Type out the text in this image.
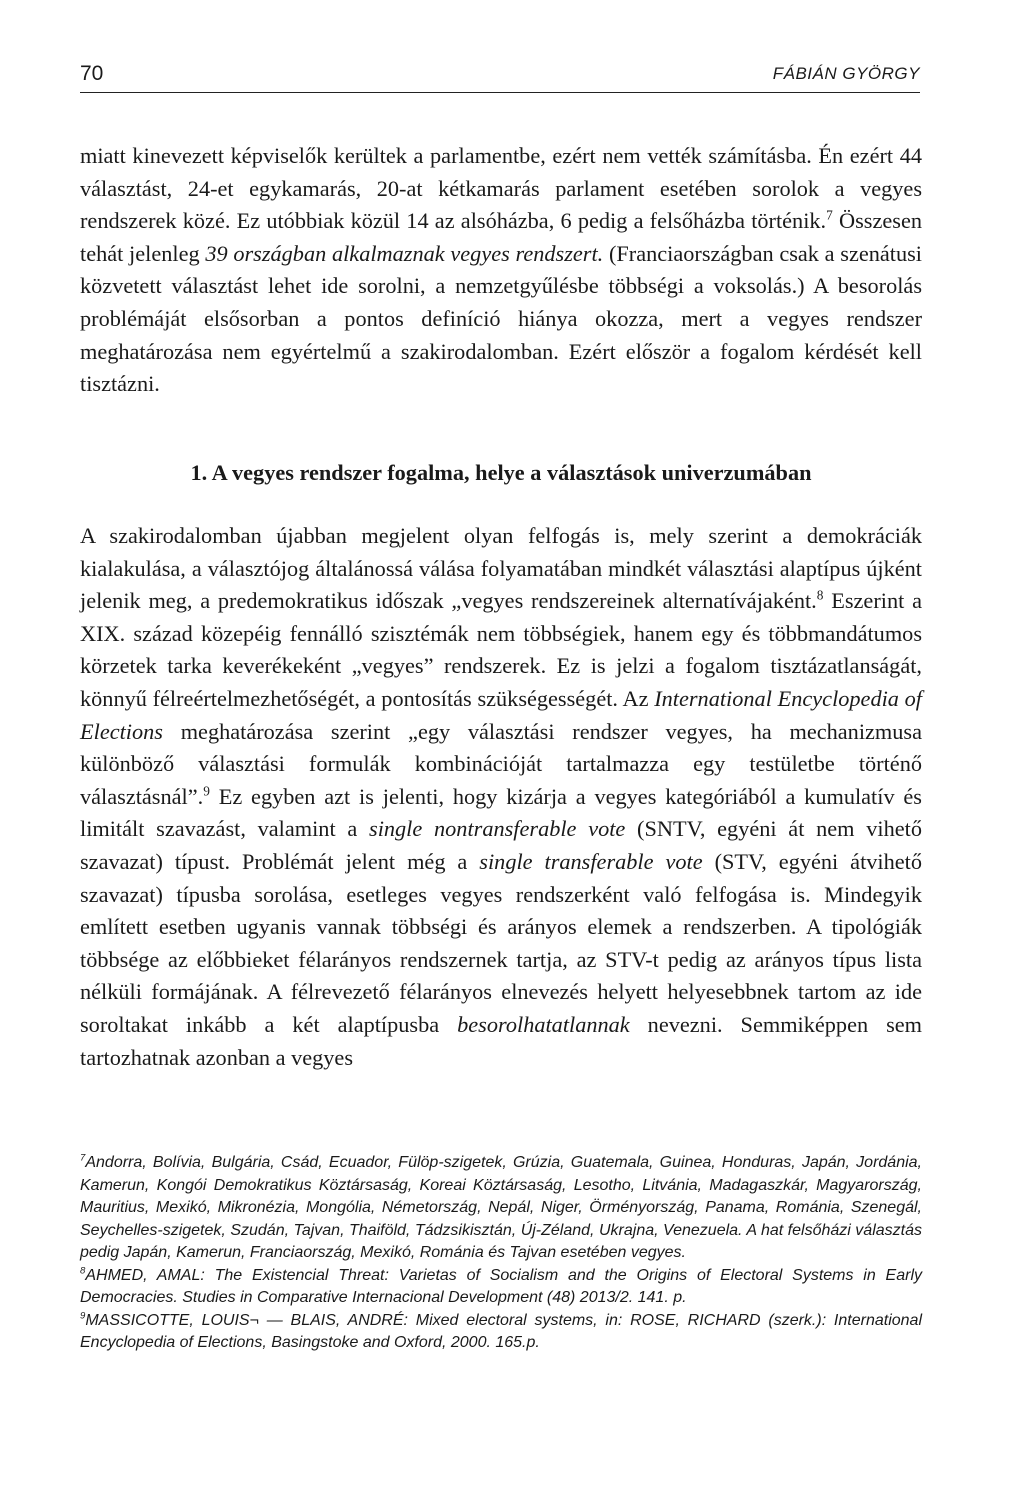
70	FÁBIÁN GYÖRGY

miatt kinevezett képviselők kerültek a parlamentbe, ezért nem vették számításba. Én ezért 44 választást, 24-et egykamarás, 20-at kétkamarás parlament esetében sorolok a vegyes rendszerek közé. Ez utóbbiak közül 14 az alsóházba, 6 pedig a felsőházba történik.$^7$ Összesen tehát jelenleg 39 országban alkalmaznak vegyes rendszert. (Franciaországban csak a szenátusi közvetett választást lehet ide sorolni, a nemzetgyűlésbe többségi a voksolás.) A besorolás problémáját elsősorban a pontos definíció hiánya okozza, mert a vegyes rendszer meghatározása nem egyértelmű a szakirodalomban. Ezért először a fogalom kérdését kell tisztázni.

1. A vegyes rendszer fogalma, helye a választások univerzumában

A szakirodalomban újabban megjelent olyan felfogás is, mely szerint a demokráciák kialakulása, a választójog általánossá válása folyamatában mindkét választási alaptípus újként jelenik meg, a predemokratikus időszak „vegyes rendszereinek alternatívájaként.$^8$ Eszerint a XIX. század közepéig fennálló szisztémák nem többségiek, hanem egy és többmandátumos körzetek tarka keverékeként „vegyes” rendszerek. Ez is jelzi a fogalom tisztázatlanságát, könnyű félreértelmezhetőségét, a pontosítás szükségességét. Az International Encyclopedia of Elections meghatározása szerint „egy választási rendszer vegyes, ha mechanizmusa különböző választási formulák kombinációját tartalmazza egy testületbe történő választásnál”.$^9$ Ez egyben azt is jelenti, hogy kizárja a vegyes kategóriából a kumulatív és limitált szavazást, valamint a single nontransferable vote (SNTV, egyéni át nem vihető szavazat) típust. Problémát jelent még a single transferable vote (STV, egyéni átvihető szavazat) típusba sorolása, esetleges vegyes rendszerként való felfogása is. Mindegyik említett esetben ugyanis vannak többségi és arányos elemek a rendszerben. A tipológiák többsége az előbbieket félarányos rendszernek tartja, az STV-t pedig az arányos típus lista nélküli formájának. A félrevezető félarányos elnevezés helyett helyesebbnek tartom az ide soroltakat inkább a két alaptípusba besorolhatatlannak nevezni. Semmiképpen sem tartozhatnak azonban a vegyes

$^7$Andorra, Bolívia, Bulgária, Csád, Ecuador, Fülöp-szigetek, Grúzia, Guatemala, Guinea, Honduras, Japán, Jordánia, Kamerun, Kongói Demokratikus Köztársaság, Koreai Köztársaság, Lesotho, Litvánia, Madagaszkár, Magyarország, Mauritius, Mexikó, Mikronézia, Mongólia, Németország, Nepál, Niger, Örményország, Panama, Románia, Szenegál, Seychelles-szigetek, Szudán, Tajvan, Thaiföld, Tádzsikisztán, Új-Zéland, Ukrajna, Venezuela. A hat felsőházi választás pedig Japán, Kamerun, Franciaország, Mexikó, Románia és Tajvan esetében vegyes.

$^8$AHMED, AMAL: The Existencial Threat: Varietas of Socialism and the Origins of Electoral Systems in Early Democracies. Studies in Comparative Internacional Development (48) 2013/2. 141. p.

$^9$MASSICOTTE, LOUIS¬ — BLAIS, ANDRÉ: Mixed electoral systems, in: ROSE, RICHARD (szerk.): International Encyclopedia of Elections, Basingstoke and Oxford, 2000. 165.p.
